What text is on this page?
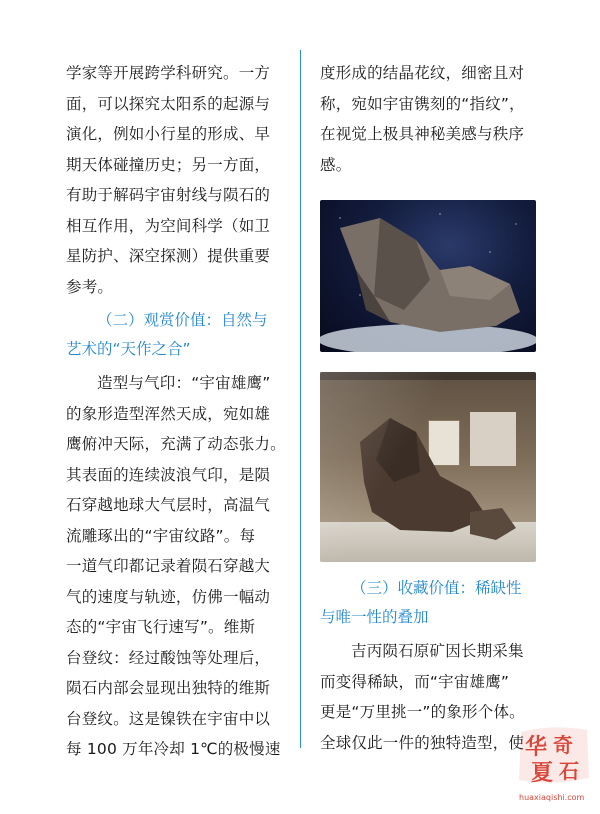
学家等开展跨学科研究。一方
面，可以探究太阳系的起源与
演化，例如小行星的形成、早
期天体碰撞历史；另一方面，
有助于解码宇宙射线与陨石的
相互作用，为空间科学（如卫
星防护、深空探测）提供重要
参考。
（二）观赏价值：自然与
艺术的“天作之合”
造型与气印：“宇宙雄鹰”
的象形造型浑然天成，宛如雄
鹰俯冲天际，充满了动态张力。
其表面的连续波浪气印，是陨
石穿越地球大气层时，高温气
流雕琢出的“宇宙纹路”。每
一道气印都记录着陨石穿越大
气的速度与轨迹，仿佛一幅动
态的“宇宙飞行速写”。维斯
台登纹：经过酸蚀等处理后，
陨石内部会显现出独特的维斯
台登纹。这是镍铁在宇宙中以
每 100 万年冷却 1℃的极慢速
度形成的结晶花纹，细密且对
称，宛如宇宙镌刻的“指纹”，
在视觉上极具神秘美感与秩序
感。
（三）收藏价值：稀缺性
与唯一性的叠加
吉丙陨石原矿因长期采集
而变得稀缺，而“宇宙雄鹰”
更是“万里挑一”的象形个体。
全球仅此一件的独特造型，使 华 奇
夏 石
huaxiaqishi.com
